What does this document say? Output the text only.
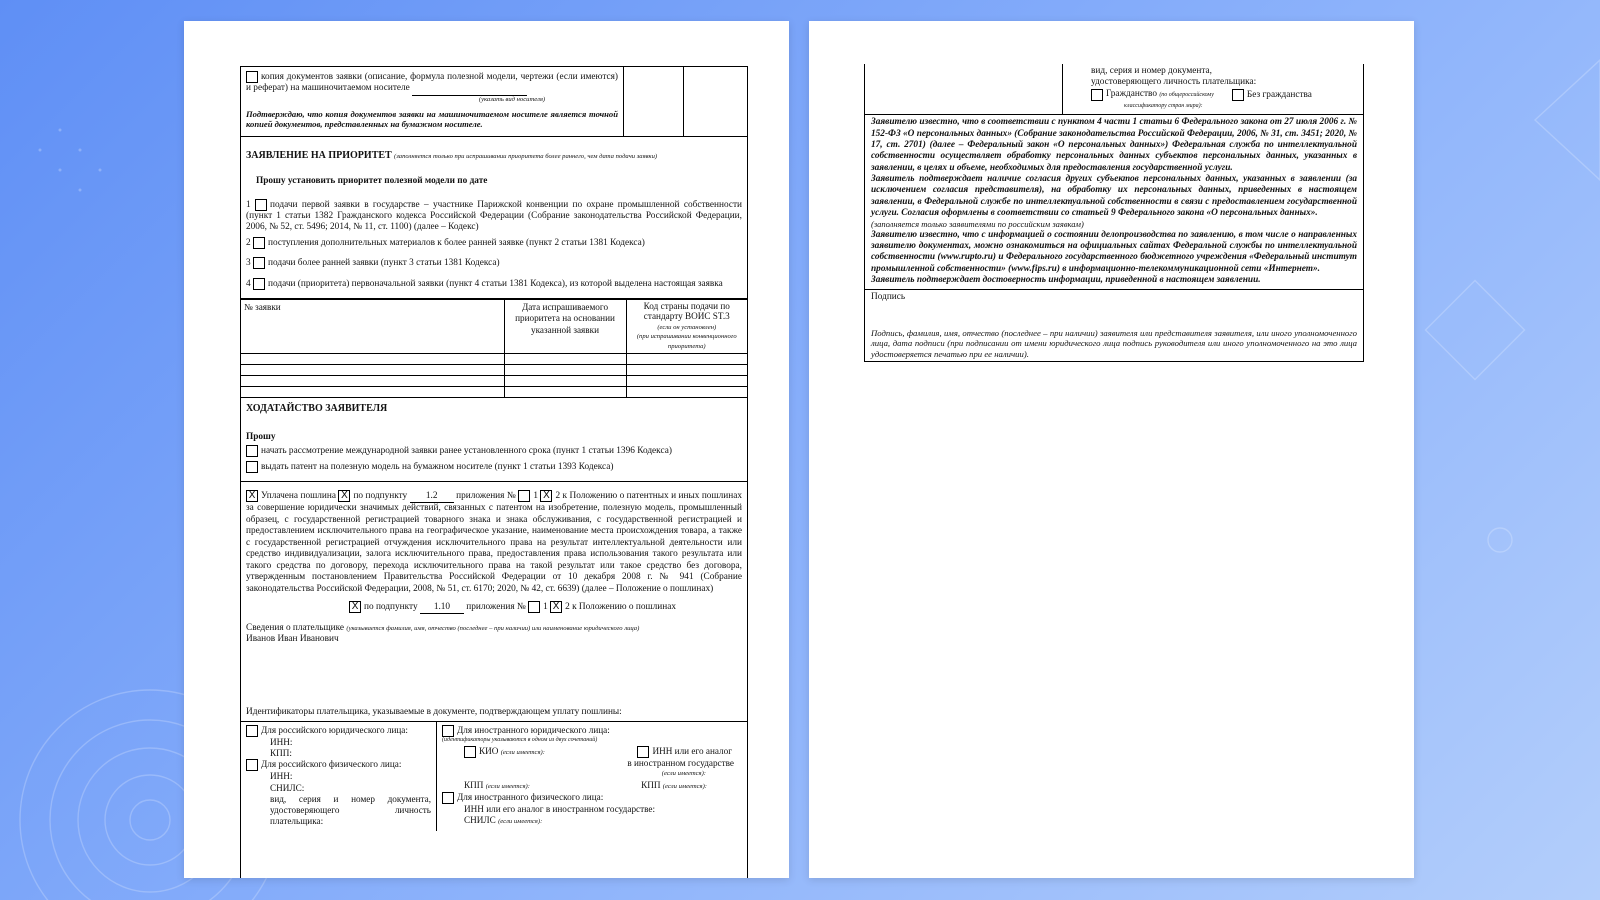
копия документов заявки (описание, формула полезной модели, чертежи (если имеются) и реферат) на машиночитаемом носителе
(указать вид носителя)
Подтверждаю, что копия документов заявки на машиночитаемом носителе является точной копией документов, представленных на бумажном носителе.
ЗАЯВЛЕНИЕ НА ПРИОРИТЕТ (заполняется только при испрашивании приоритета более раннего, чем дата подачи заявки)
Прошу установить приоритет полезной модели по дате
1 подачи первой заявки в государстве – участнике Парижской конвенции по охране промышленной собственности (пункт 1 статьи 1382 Гражданского кодекса Российской Федерации (Собрание законодательства Российской Федерации, 2006, № 52, ст. 5496; 2014, № 11, ст. 1100) (далее – Кодекс)
2 поступления дополнительных материалов к более ранней заявке (пункт 2 статьи 1381 Кодекса)
3 подачи более ранней заявки (пункт 3 статьи 1381 Кодекса)
4 подачи (приоритета) первоначальной заявки (пункт 4 статьи 1381 Кодекса), из которой выделена настоящая заявка
№ заявки	Дата испрашиваемого приоритета на основании указанной заявки	Код страны подачи по стандарту ВОИС ST.3
(если он установлен)
(при испрашивании конвенционного приоритета)

ХОДАТАЙСТВО ЗАЯВИТЕЛЯ
Прошу
начать рассмотрение международной заявки ранее установленного срока (пункт 1 статьи 1396 Кодекса)
выдать патент на полезную модель на бумажном носителе (пункт 1 статьи 1393 Кодекса)
X Уплачена пошлина X по подпункту 1.2 приложения № 1 X 2 к Положению о патентных и иных пошлинах за совершение юридически значимых действий, связанных с патентом на изобретение, полезную модель, промышленный образец, с государственной регистрацией товарного знака и знака обслуживания, с государственной регистрацией и предоставлением исключительного права на географическое указание, наименование места происхождения товара, а также с государственной регистрацией отчуждения исключительного права на результат интеллектуальной деятельности или средство индивидуализации, залога исключительного права, предоставления права использования такого результата или такого средства по договору, перехода исключительного права на такой результат или такое средство без договора, утвержденным постановлением Правительства Российской Федерации от 10 декабря 2008 г. № 941 (Собрание законодательства Российской Федерации, 2008, № 51, ст. 6170; 2020, № 42, ст. 6639) (далее – Положение о пошлинах)
X по подпункту 1.10 приложения № 1 X 2 к Положению о пошлинах
Сведения о плательщике (указывается фамилия, имя, отчество (последнее – при наличии) или наименование юридического лица)
Иванов Иван Иванович
Идентификаторы плательщика, указываемые в документе, подтверждающем уплату пошлины:
Для российского юридического лица:
ИНН:
КПП:
Для российского физического лица:
ИНН:
СНИЛС:
вид, серия и номер документа, удостоверяющего личность плательщика:
Для иностранного юридического лица:
(идентификаторы указываются в одном из двух сочетаний)
КИО (если имеется):	ИНН или его аналог
в иностранном государстве
(если имеется):
КПП (если имеется):	КПП (если имеется):
Для иностранного физического лица:
ИНН или его аналог в иностранном государстве:
СНИЛС (если имеется):
вид, серия и номер документа,
удостоверяющего личность плательщика:
Гражданство (по общероссийскому
классификатору стран мира):
Без гражданства
Заявителю известно, что в соответствии с пунктом 4 части 1 статьи 6 Федерального закона от 27 июля 2006 г. № 152-ФЗ «О персональных данных» (Собрание законодательства Российской Федерации, 2006, № 31, ст. 3451; 2020, № 17, ст. 2701) (далее – Федеральный закон «О персональных данных») Федеральная служба по интеллектуальной собственности осуществляет обработку персональных данных субъектов персональных данных, указанных в заявлении, в целях и объеме, необходимых для предоставления государственной услуги.
Заявитель подтверждает наличие согласия других субъектов персональных данных, указанных в заявлении (за исключением согласия представителя), на обработку их персональных данных, приведенных в настоящем заявлении, в Федеральной службе по интеллектуальной собственности в связи с предоставлением государственной услуги. Согласия оформлены в соответствии со статьей 9 Федерального закона «О персональных данных».
(заполняется только заявителями по российским заявкам)
Заявителю известно, что с информацией о состоянии делопроизводства по заявлению, в том числе о направленных заявителю документах, можно ознакомиться на официальных сайтах Федеральной службы по интеллектуальной собственности (www.rupto.ru) и Федерального государственного бюджетного учреждения «Федеральный институт промышленной собственности» (www.fips.ru) в информационно-телекоммуникационной сети «Интернет».
Заявитель подтверждает достоверность информации, приведенной в настоящем заявлении.
Подпись
Подпись, фамилия, имя, отчество (последнее – при наличии) заявителя или представителя заявителя, или иного уполномоченного лица, дата подписи (при подписании от имени юридического лица подпись руководителя или иного уполномоченного на это лица удостоверяется печатью при ее наличии).
